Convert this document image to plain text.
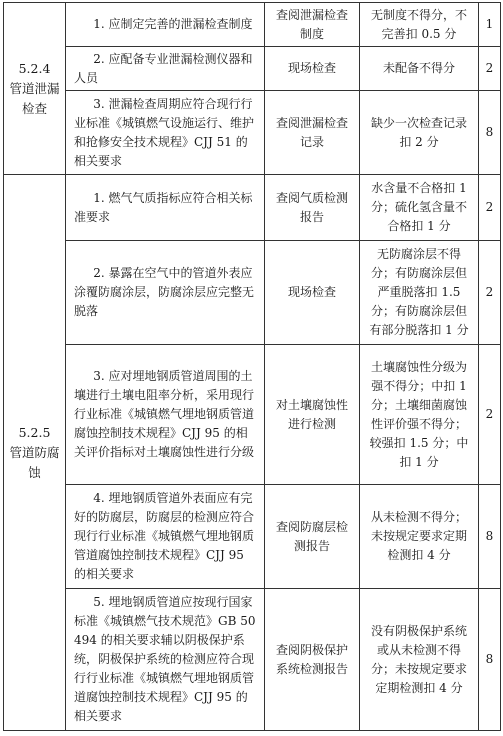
5.2.4
管道泄漏检查	1. 应制定完善的泄漏检查制度	查阅泄漏检查制度	无制度不得分，不完善扣 0.5 分	1

	2. 应配备专业泄漏检测仪器和人员	现场检查	未配备不得分	2

	3. 泄漏检查周期应符合现行行业标准《城镇燃气设施运行、维护和抢修安全技术规程》CJJ 51 的相关要求	查阅泄漏检查记录	缺少一次检查记录扣 2 分	8

5.2.5
管道防腐蚀	1. 燃气气质指标应符合相关标准要求	查阅气质检测报告	水含量不合格扣 1 分；硫化氢含量不合格扣 1 分	2

	2. 暴露在空气中的管道外表应涂覆防腐涂层，防腐涂层应完整无脱落	现场检查	无防腐涂层不得分；有防腐涂层但严重脱落扣 1.5 分；有防腐涂层但有部分脱落扣 1 分	2

	3. 应对埋地钢质管道周围的土壤进行土壤电阻率分析，采用现行行业标准《城镇燃气埋地钢质管道腐蚀控制技术规程》CJJ 95 的相关评价指标对土壤腐蚀性进行分级	对土壤腐蚀性进行检测	土壤腐蚀性分级为强不得分；中扣 1 分；土壤细菌腐蚀性评价强不得分；较强扣 1.5 分；中扣 1 分	2

	4. 埋地钢质管道外表面应有完好的防腐层，防腐层的检测应符合现行行业标准《城镇燃气埋地钢质管道腐蚀控制技术规程》CJJ 95 的相关要求	查阅防腐层检测报告	从未检测不得分；未按规定要求定期检测扣 4 分	8

	5. 埋地钢质管道应按现行国家标准《城镇燃气技术规范》GB 50494 的相关要求辅以阴极保护系统，阴极保护系统的检测应符合现行行业标准《城镇燃气埋地钢质管道腐蚀控制技术规程》CJJ 95 的相关要求	查阅阴极保护系统检测报告	没有阴极保护系统或从未检测不得分；未按规定要求定期检测扣 4 分	8
